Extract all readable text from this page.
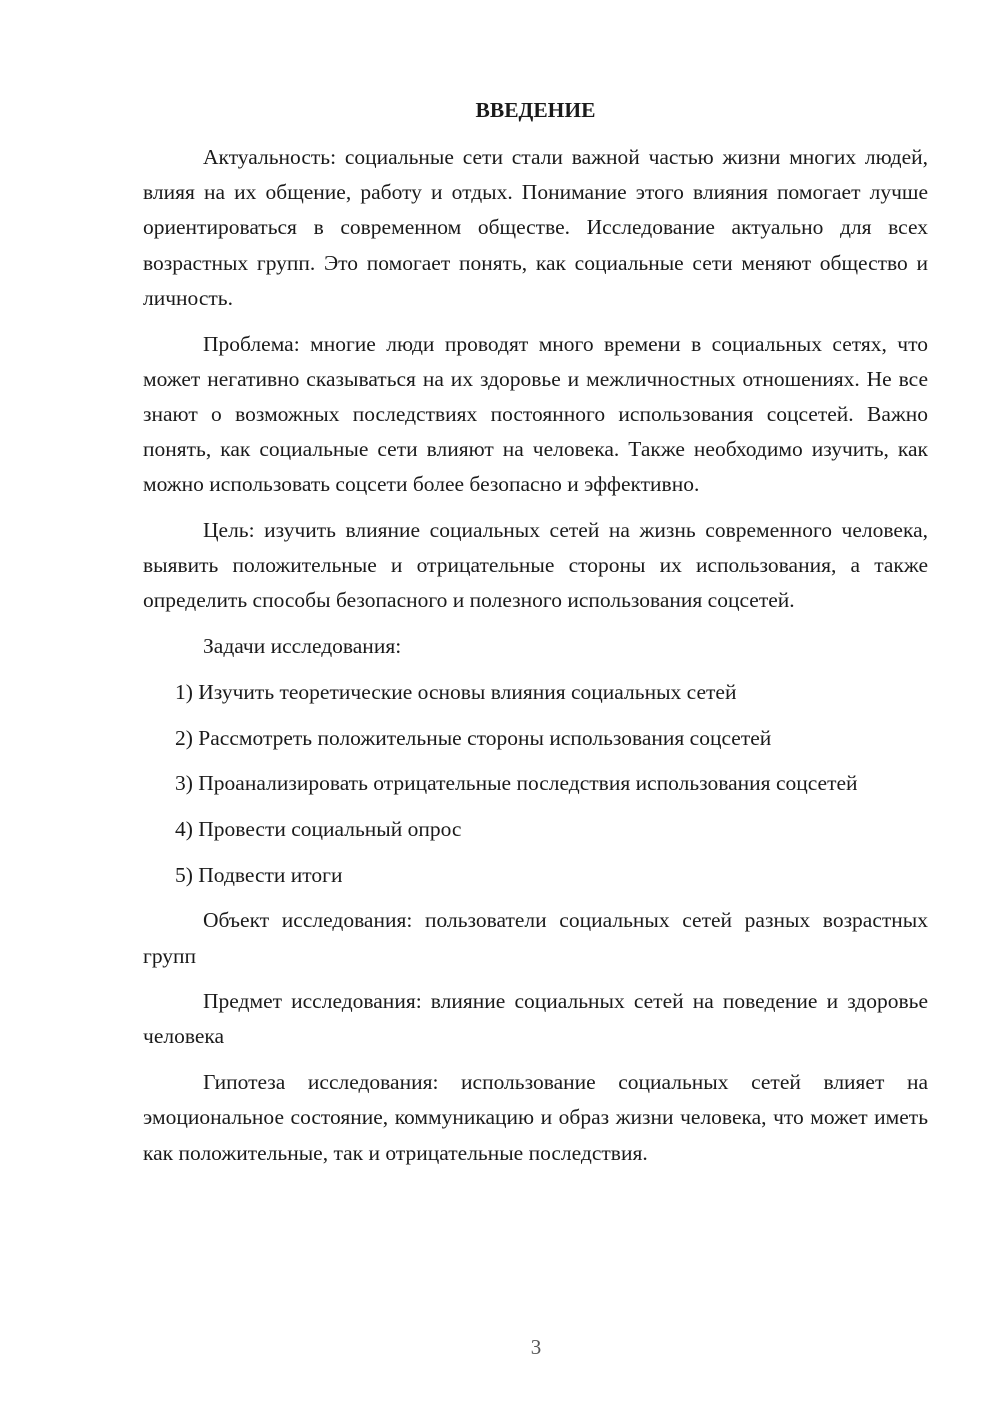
ВВЕДЕНИЕ

Актуальность: социальные сети стали важной частью жизни многих людей, влияя на их общение, работу и отдых. Понимание этого влияния помогает лучше ориентироваться в современном обществе. Исследование актуально для всех возрастных групп. Это помогает понять, как социальные сети меняют общество и личность.

Проблема: многие люди проводят много времени в социальных сетях, что может негативно сказываться на их здоровье и межличностных отношениях. Не все знают о возможных последствиях постоянного использования соцсетей. Важно понять, как социальные сети влияют на человека. Также необходимо изучить, как можно использовать соцсети более безопасно и эффективно.

Цель: изучить влияние социальных сетей на жизнь современного человека, выявить положительные и отрицательные стороны их использования, а также определить способы безопасного и полезного использования соцсетей.

Задачи исследования:

1) Изучить теоретические основы влияния социальных сетей

2) Рассмотреть положительные стороны использования соцсетей

3) Проанализировать отрицательные последствия использования соцсетей

4) Провести социальный опрос

5) Подвести итоги

Объект исследования: пользователи социальных сетей разных возрастных групп

Предмет исследования: влияние социальных сетей на поведение и здоровье человека

Гипотеза исследования: использование социальных сетей влияет на эмоциональное состояние, коммуникацию и образ жизни человека, что может иметь как положительные, так и отрицательные последствия.

3
